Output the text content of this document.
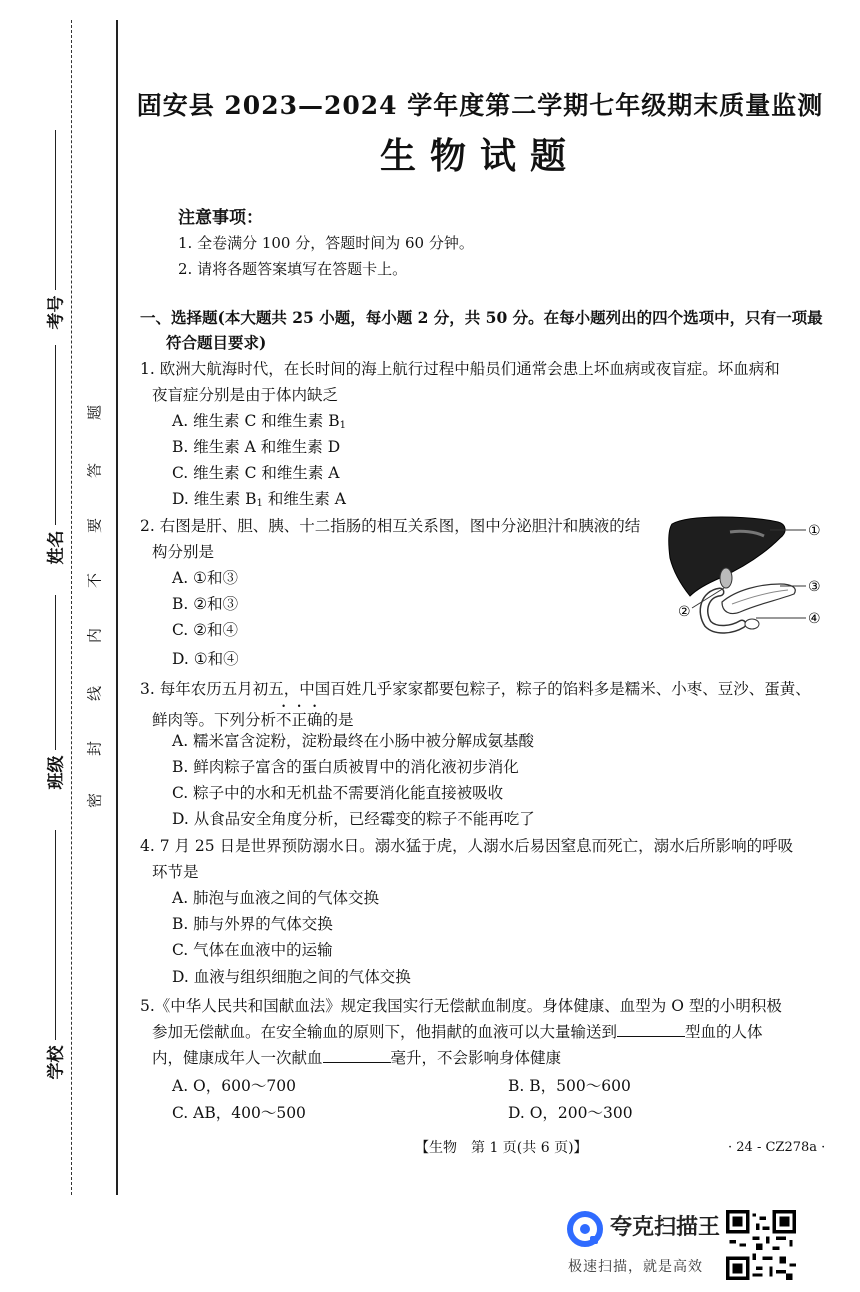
考号
姓名
班级
学校
题
答
要
不
内
线
封
密
固安县 2023—2024 学年度第二学期七年级期末质量监测
生物试题
注意事项：
1. 全卷满分 100 分，答题时间为 60 分钟。
2. 请将各题答案填写在答题卡上。
一、选择题(本大题共 25 小题，每小题 2 分，共 50 分。在每小题列出的四个选项中，只有一项最
符合题目要求)
1. 欧洲大航海时代，在长时间的海上航行过程中船员们通常会患上坏血病或夜盲症。坏血病和
夜盲症分别是由于体内缺乏
A. 维生素 C 和维生素 $B_1$
B. 维生素 A 和维生素 D
C. 维生素 C 和维生素 A
D. 维生素 $B_1$ 和维生素 A
2. 右图是肝、胆、胰、十二指肠的相互关系图，图中分泌胆汁和胰液的结
构分别是
A. ①和③
B. ②和③
C. ②和④
D. ①和④
①
②
③
④
3. 每年农历五月初五，中国百姓几乎家家都要包粽子，粽子的馅料多是糯米、小枣、豆沙、蛋黄、
鲜肉等。下列分析不正确的是
A. 糯米富含淀粉，淀粉最终在小肠中被分解成氨基酸
B. 鲜肉粽子富含的蛋白质被胃中的消化液初步消化
C. 粽子中的水和无机盐不需要消化能直接被吸收
D. 从食品安全角度分析，已经霉变的粽子不能再吃了
4. 7 月 25 日是世界预防溺水日。溺水猛于虎，人溺水后易因窒息而死亡，溺水后所影响的呼吸
环节是
A. 肺泡与血液之间的气体交换
B. 肺与外界的气体交换
C. 气体在血液中的运输
D. 血液与组织细胞之间的气体交换
5.《中华人民共和国献血法》规定我国实行无偿献血制度。身体健康、血型为 O 型的小明积极
参加无偿献血。在安全输血的原则下，他捐献的血液可以大量输送到	型血的人体
内，健康成年人一次献血	毫升，不会影响身体健康
A. O，600～700	B. B，500～600
C. AB，400～500	D. O，200～300
【生物　第 1 页(共 6 页)】	· 24 - CZ278a ·
夸克扫描王
极速扫描，就是高效
